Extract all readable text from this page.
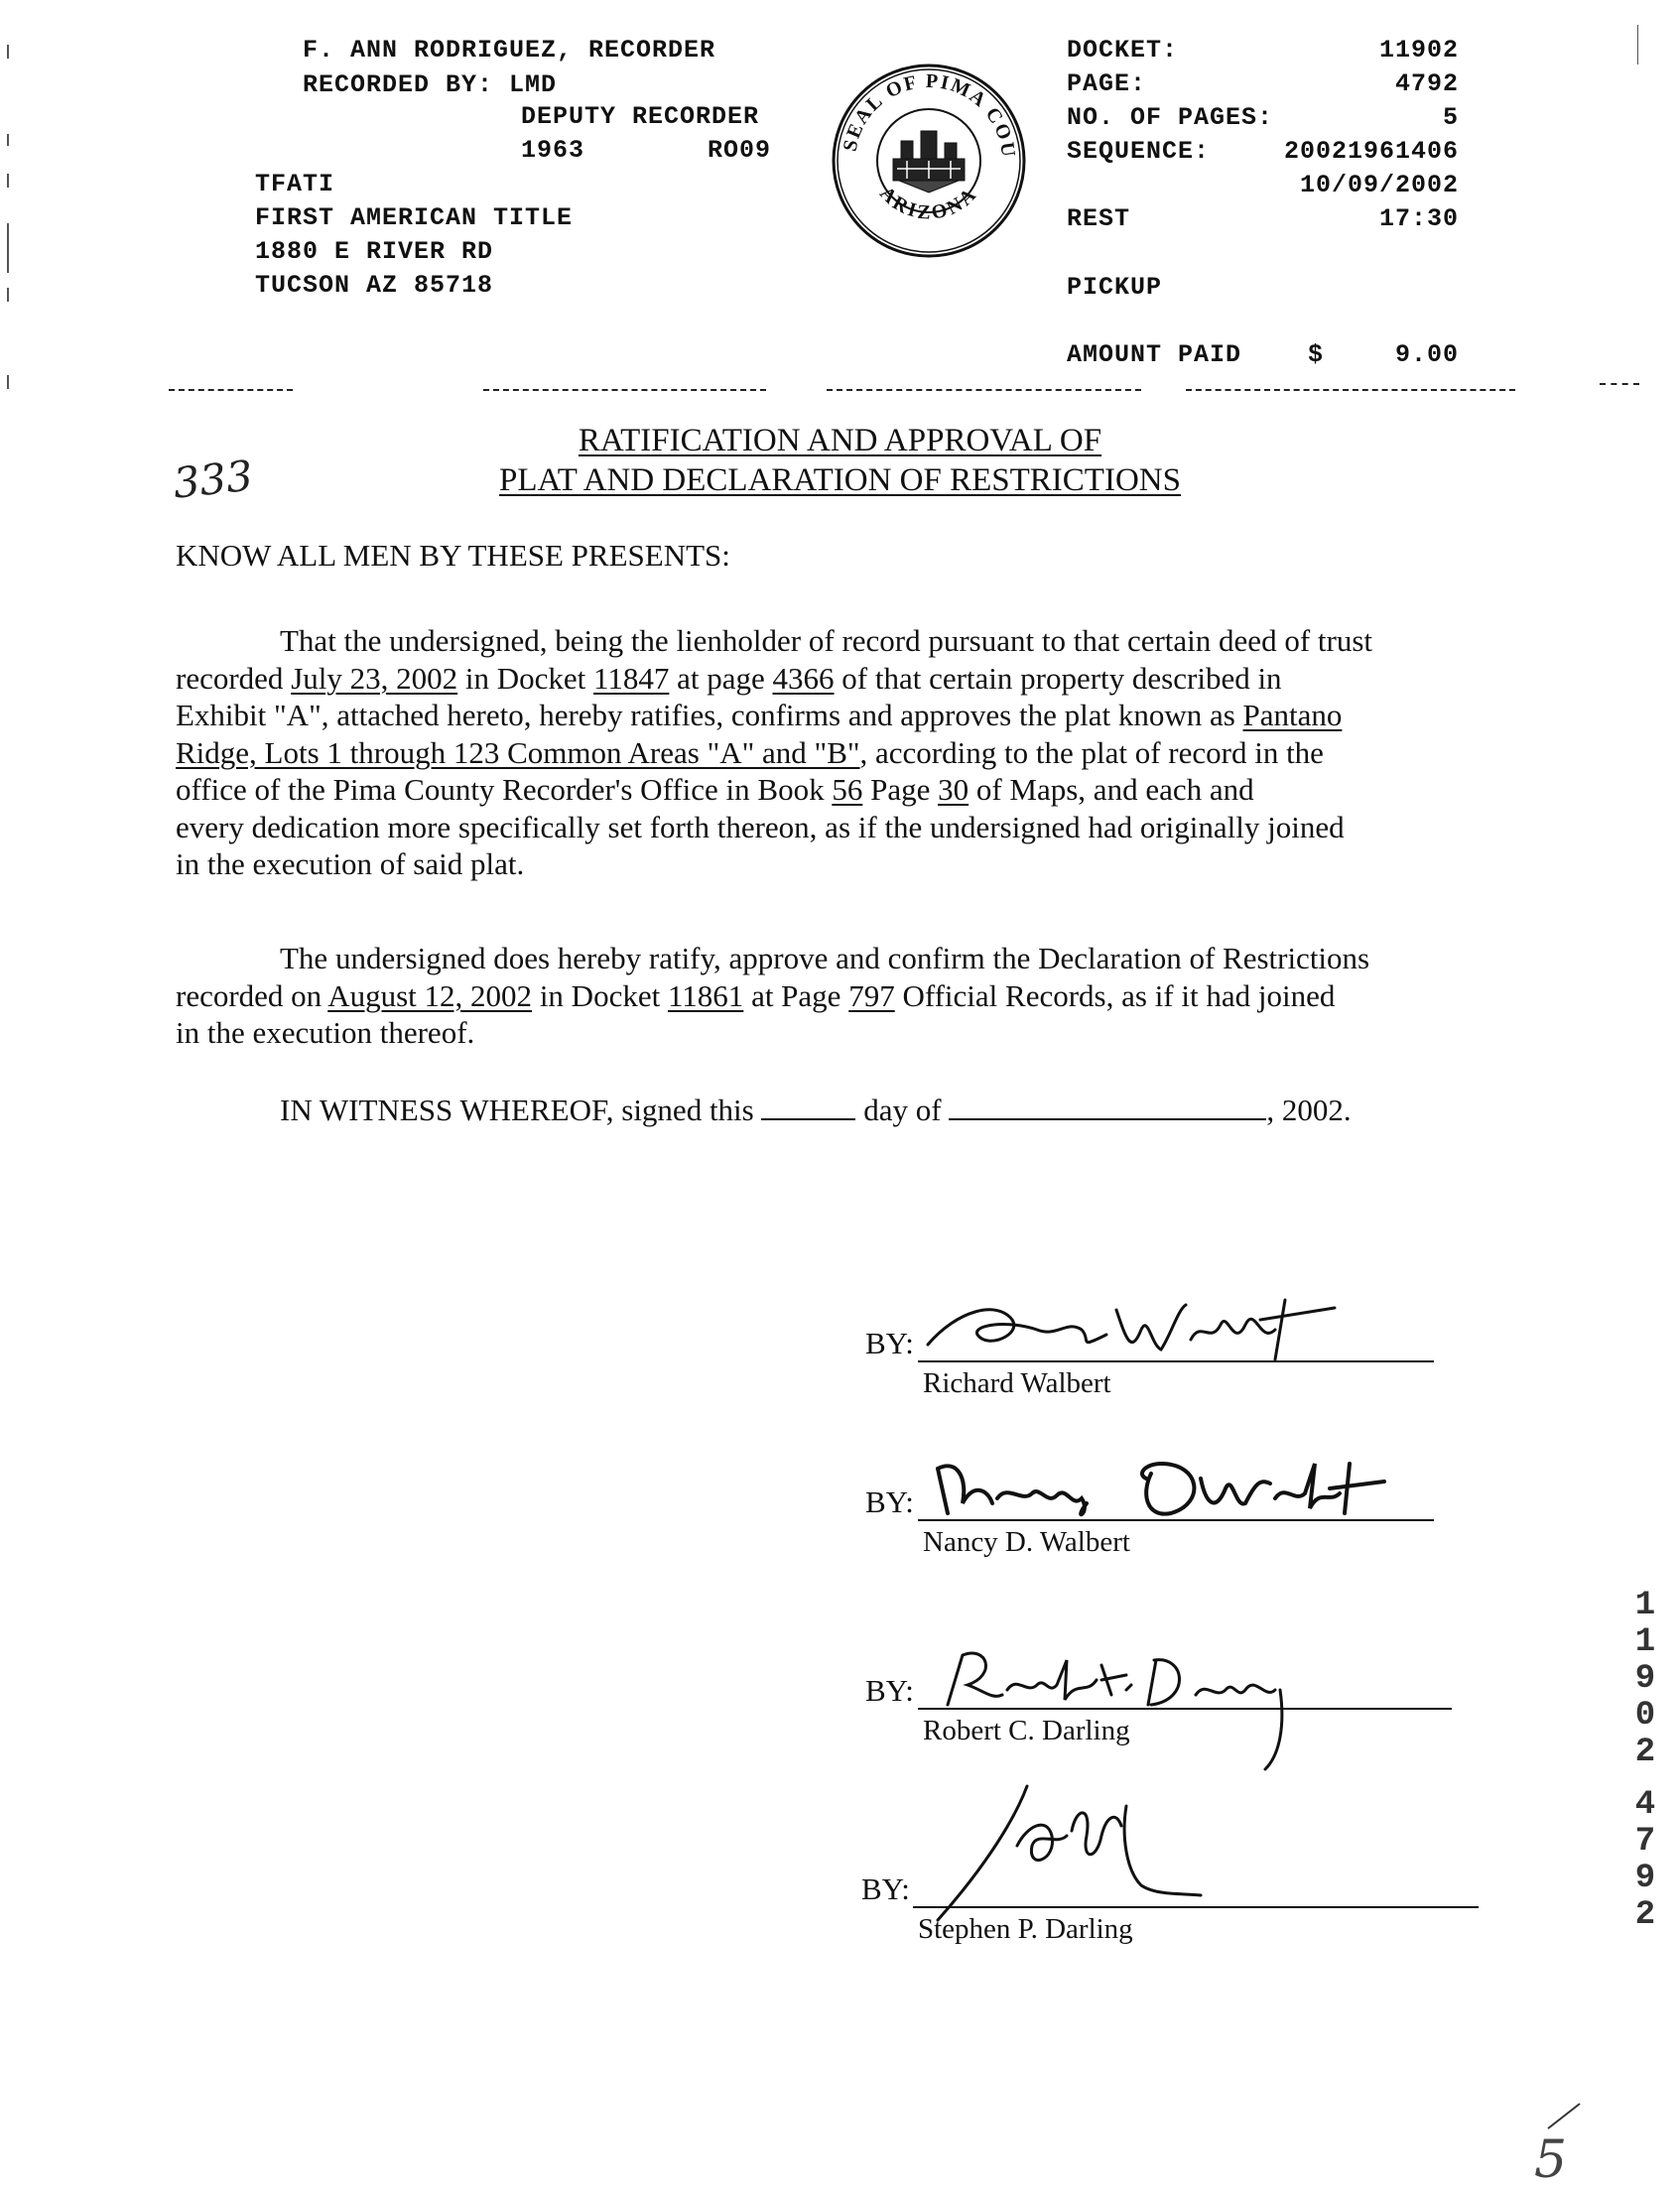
F. ANN RODRIGUEZ, RECORDER
RECORDED BY: LMD
DEPUTY RECORDER
1963	RO09
TFATI
FIRST AMERICAN TITLE
1880 E RIVER RD
TUCSON AZ 85718
SEAL OF PIMA COU
ARIZONA
DOCKET:	11902
PAGE:	4792
NO. OF PAGES:	5
SEQUENCE:	20021961406
10/09/2002
REST	17:30
PICKUP
AMOUNT PAID	$	9.00
333
RATIFICATION AND APPROVAL OF
PLAT AND DECLARATION OF RESTRICTIONS
KNOW ALL MEN BY THESE PRESENTS:
That the undersigned, being the lienholder of record pursuant to that certain deed of trust
recorded July 23, 2002 in Docket 11847 at page 4366 of that certain property described in
Exhibit "A", attached hereto, hereby ratifies, confirms and approves the plat known as Pantano
Ridge, Lots 1 through 123 Common Areas "A" and "B", according to the plat of record in the
office of the Pima County Recorder's Office in Book 56 Page 30 of Maps, and each and
every dedication more specifically set forth thereon, as if the undersigned had originally joined
in the execution of said plat.
The undersigned does hereby ratify, approve and confirm the Declaration of Restrictions
recorded on August 12, 2002 in Docket 11861 at Page 797 Official Records, as if it had joined
in the execution thereof.
IN WITNESS WHEREOF, signed this	day of	, 2002.
BY:
Richard Walbert
BY:
Nancy D. Walbert
BY:
Robert C. Darling
BY:
Stephen P. Darling
1
1
9
0
2
4
7
9
2
5
